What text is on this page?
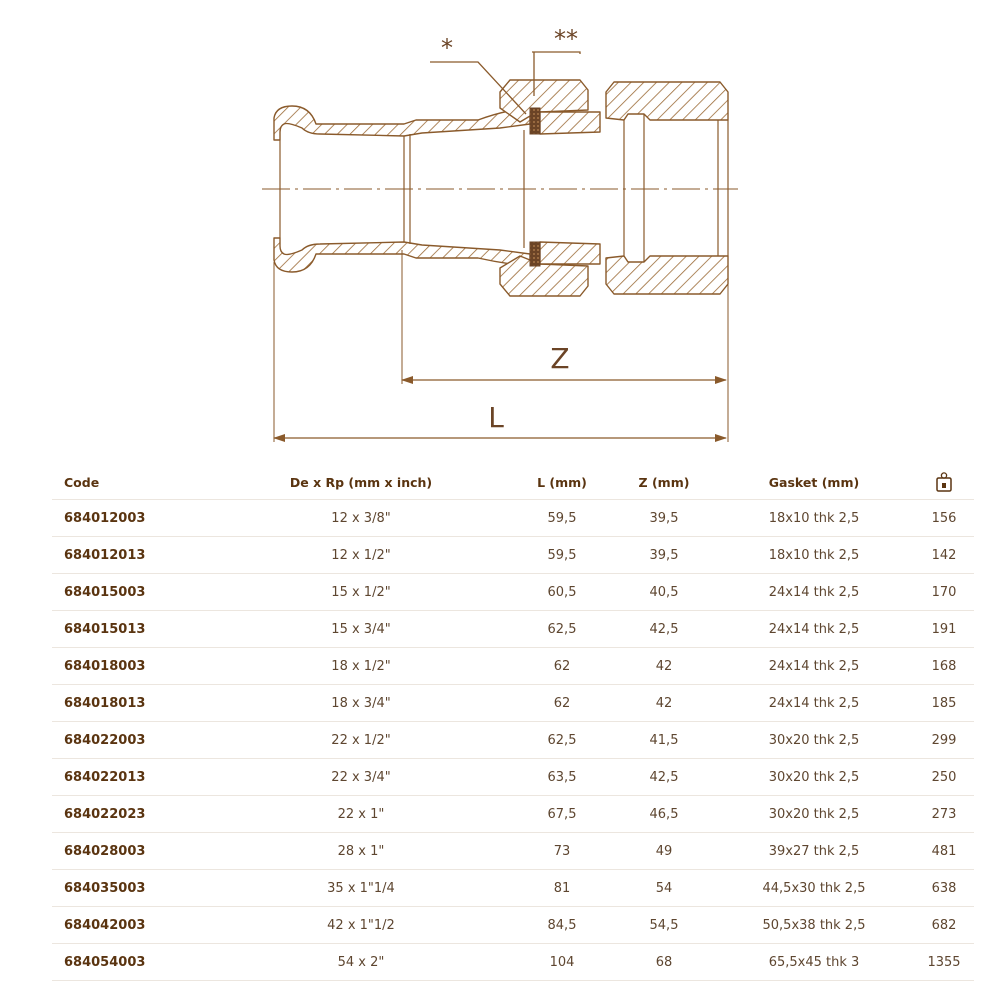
*	**
Z
L
Code	De x Rp (mm x inch)	L (mm)	Z (mm)	Gasket (mm)	
684012003	12 x 3/8"	59,5	39,5	18x10 thk 2,5	156
684012013	12 x 1/2"	59,5	39,5	18x10 thk 2,5	142
684015003	15 x 1/2"	60,5	40,5	24x14 thk 2,5	170
684015013	15 x 3/4"	62,5	42,5	24x14 thk 2,5	191
684018003	18 x 1/2"	62	42	24x14 thk 2,5	168
684018013	18 x 3/4"	62	42	24x14 thk 2,5	185
684022003	22 x 1/2"	62,5	41,5	30x20 thk 2,5	299
684022013	22 x 3/4"	63,5	42,5	30x20 thk 2,5	250
684022023	22 x 1"	67,5	46,5	30x20 thk 2,5	273
684028003	28 x 1"	73	49	39x27 thk 2,5	481
684035003	35 x 1"1/4	81	54	44,5x30 thk 2,5	638
684042003	42 x 1"1/2	84,5	54,5	50,5x38 thk 2,5	682
684054003	54 x 2"	104	68	65,5x45 thk 3	1355
